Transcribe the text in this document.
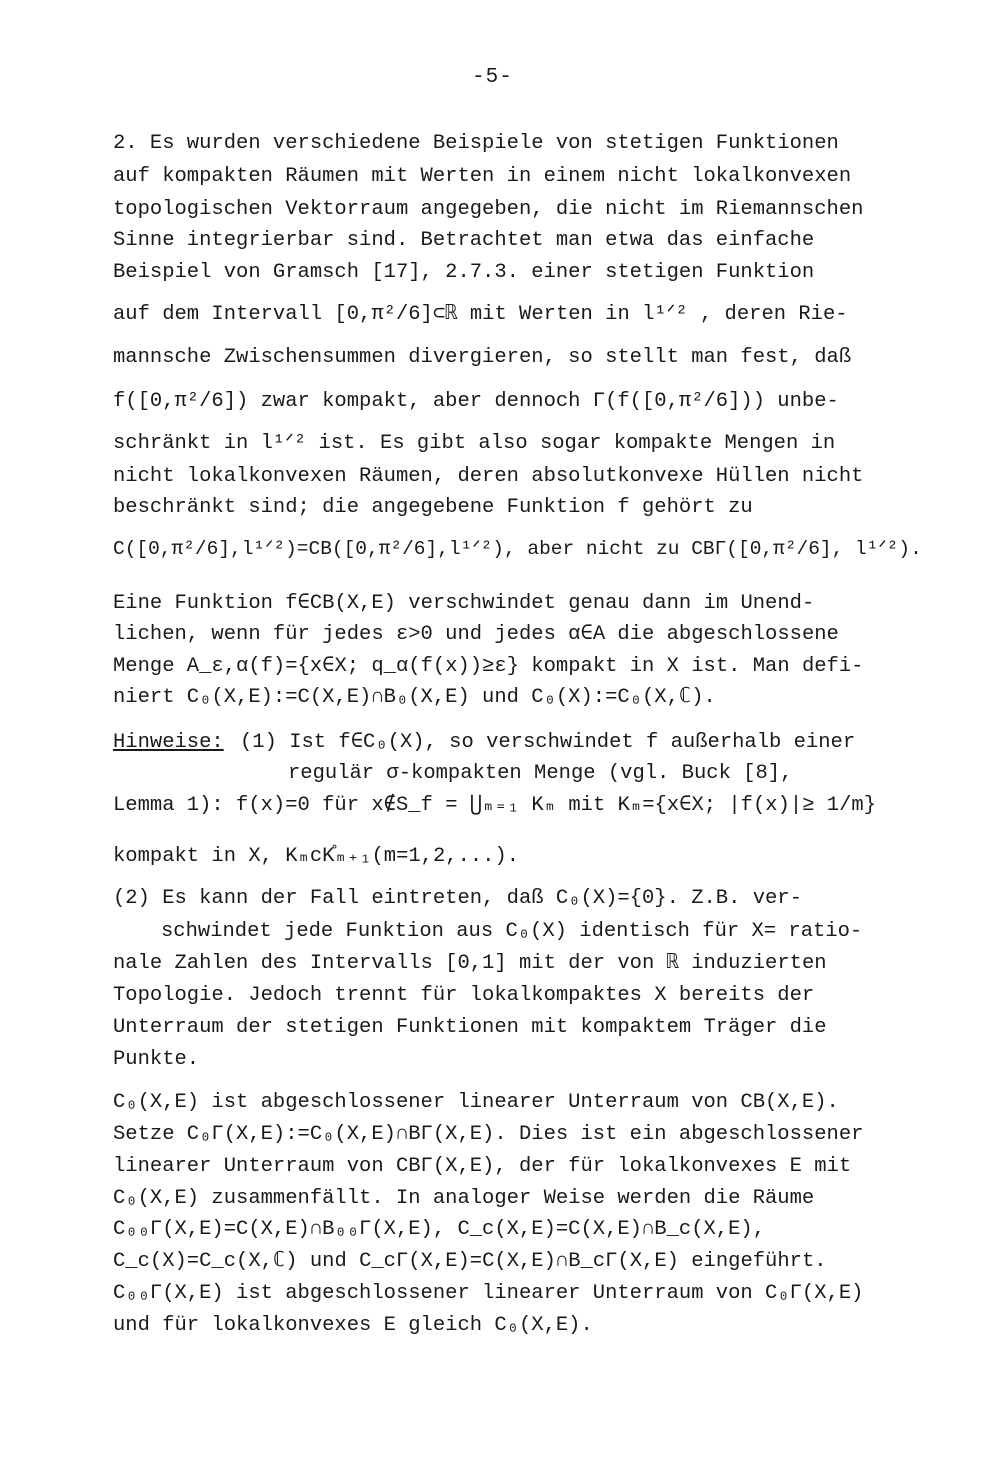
-5-
2. Es wurden verschiedene Beispiele von stetigen Funktionen
auf kompakten Räumen mit Werten in einem nicht lokalkonvexen
topologischen Vektorraum angegeben, die nicht im Riemannschen
Sinne integrierbar sind. Betrachtet man etwa das einfache
Beispiel von Gramsch [17], 2.7.3. einer stetigen Funktion
auf dem Intervall [0,π²/6]⊂ℝ mit Werten in l¹ᐟ² , deren Rie-
mannsche Zwischensummen divergieren, so stellt man fest, daß
f([0,π²/6]) zwar kompakt, aber dennoch Γ(f([0,π²/6])) unbe-
schränkt in l¹ᐟ² ist. Es gibt also sogar kompakte Mengen in
nicht lokalkonvexen Räumen, deren absolutkonvexe Hüllen nicht
beschränkt sind; die angegebene Funktion f gehört zu
C([0,π²/6],l¹ᐟ²)=CB([0,π²/6],l¹ᐟ²), aber nicht zu CBΓ([0,π²/6], l¹ᐟ²).
Eine Funktion f∈CB(X,E) verschwindet genau dann im Unend-
lichen, wenn für jedes ε>0 und jedes α∈A die abgeschlossene
Menge A_ε,α(f)={x∈X; q_α(f(x))≥ε} kompakt in X ist. Man defi-
niert C₀(X,E):=C(X,E)∩B₀(X,E) und C₀(X):=C₀(X,ℂ).
Hinweise: (1) Ist f∈C₀(X), so verschwindet f außerhalb einer
regulär σ-kompakten Menge (vgl. Buck [8],
Lemma 1): f(x)=0 für x∉S_f = ⋃ₘ₌₁ Kₘ mit Kₘ={x∈X; |f(x)|≥ 1/m}
kompakt in X, KₘcK̊ₘ₊₁(m=1,2,...).
(2) Es kann der Fall eintreten, daß C₀(X)={0}. Z.B. ver-
schwindet jede Funktion aus C₀(X) identisch für X= ratio-
nale Zahlen des Intervalls [0,1] mit der von ℝ induzierten
Topologie. Jedoch trennt für lokalkompaktes X bereits der
Unterraum der stetigen Funktionen mit kompaktem Träger die
Punkte.
C₀(X,E) ist abgeschlossener linearer Unterraum von CB(X,E).
Setze C₀Γ(X,E):=C₀(X,E)∩BΓ(X,E). Dies ist ein abgeschlossener
linearer Unterraum von CBΓ(X,E), der für lokalkonvexes E mit
C₀(X,E) zusammenfällt. In analoger Weise werden die Räume
C₀₀Γ(X,E)=C(X,E)∩B₀₀Γ(X,E), C_c(X,E)=C(X,E)∩B_c(X,E),
C_c(X)=C_c(X,ℂ) und C_cΓ(X,E)=C(X,E)∩B_cΓ(X,E) eingeführt.
C₀₀Γ(X,E) ist abgeschlossener linearer Unterraum von C₀Γ(X,E)
und für lokalkonvexes E gleich C₀(X,E).
